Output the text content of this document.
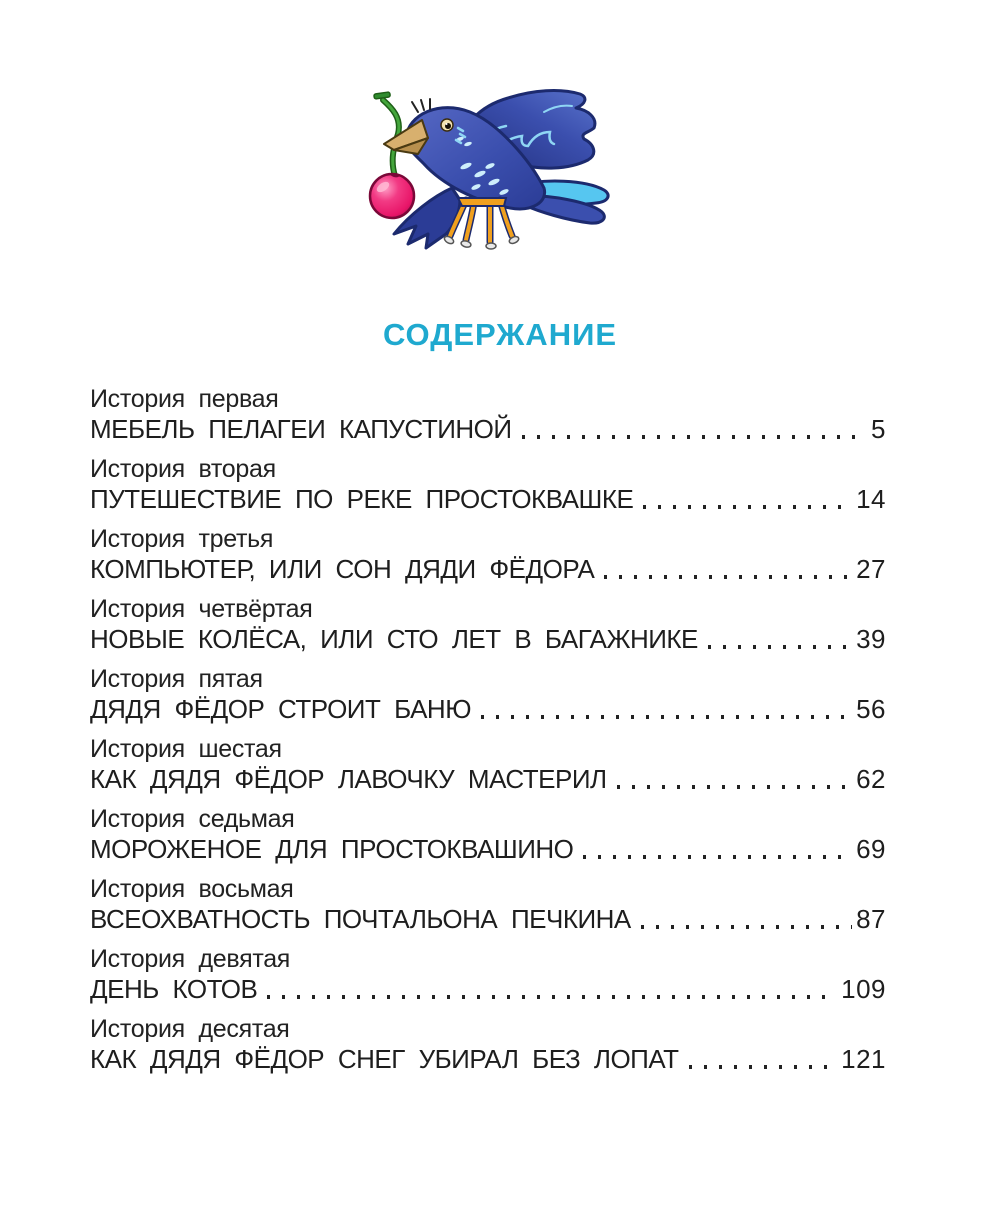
СОДЕРЖАНИЕ
История первая
МЕБЕЛЬ ПЕЛАГЕИ КАПУСТИНОЙ	5
История вторая
ПУТЕШЕСТВИЕ ПО РЕКЕ ПРОСТОКВАШКЕ	14
История третья
КОМПЬЮТЕР, ИЛИ СОН ДЯДИ ФЁДОРА	27
История четвёртая
НОВЫЕ КОЛЁСА, ИЛИ СТО ЛЕТ В БАГАЖНИКЕ	39
История пятая
ДЯДЯ ФЁДОР СТРОИТ БАНЮ	56
История шестая
КАК ДЯДЯ ФЁДОР ЛАВОЧКУ МАСТЕРИЛ	62
История седьмая
МОРОЖЕНОЕ ДЛЯ ПРОСТОКВАШИНО	69
История восьмая
ВСЕОХВАТНОСТЬ ПОЧТАЛЬОНА ПЕЧКИНА	87
История девятая
ДЕНЬ КОТОВ	109
История десятая
КАК ДЯДЯ ФЁДОР СНЕГ УБИРАЛ БЕЗ ЛОПАТ	121
